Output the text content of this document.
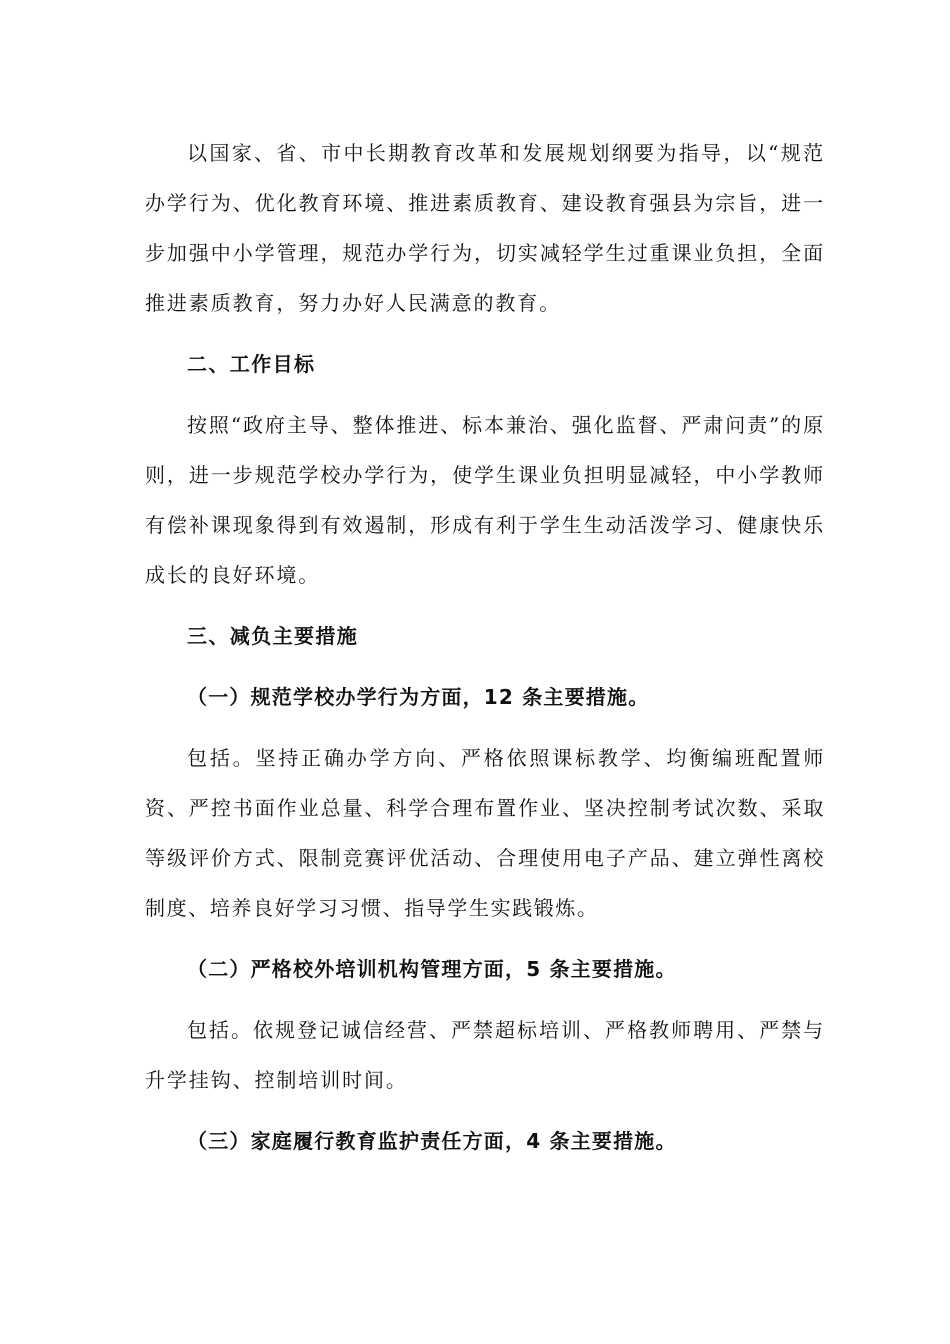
以国家、省、市中长期教育改革和发展规划纲要为指导，以“规范办学行为、优化教育环境、推进素质教育、建设教育强县为宗旨，进一步加强中小学管理，规范办学行为，切实减轻学生过重课业负担，全面推进素质教育，努力办好人民满意的教育。

二、工作目标

按照“政府主导、整体推进、标本兼治、强化监督、严肃问责”的原则，进一步规范学校办学行为，使学生课业负担明显减轻，中小学教师有偿补课现象得到有效遏制，形成有利于学生生动活泼学习、健康快乐成长的良好环境。

三、减负主要措施

（一）规范学校办学行为方面，12 条主要措施。

包括。坚持正确办学方向、严格依照课标教学、均衡编班配置师资、严控书面作业总量、科学合理布置作业、坚决控制考试次数、采取等级评价方式、限制竞赛评优活动、合理使用电子产品、建立弹性离校制度、培养良好学习习惯、指导学生实践锻炼。

（二）严格校外培训机构管理方面，5 条主要措施。

包括。依规登记诚信经营、严禁超标培训、严格教师聘用、严禁与升学挂钩、控制培训时间。

（三）家庭履行教育监护责任方面，4 条主要措施。
